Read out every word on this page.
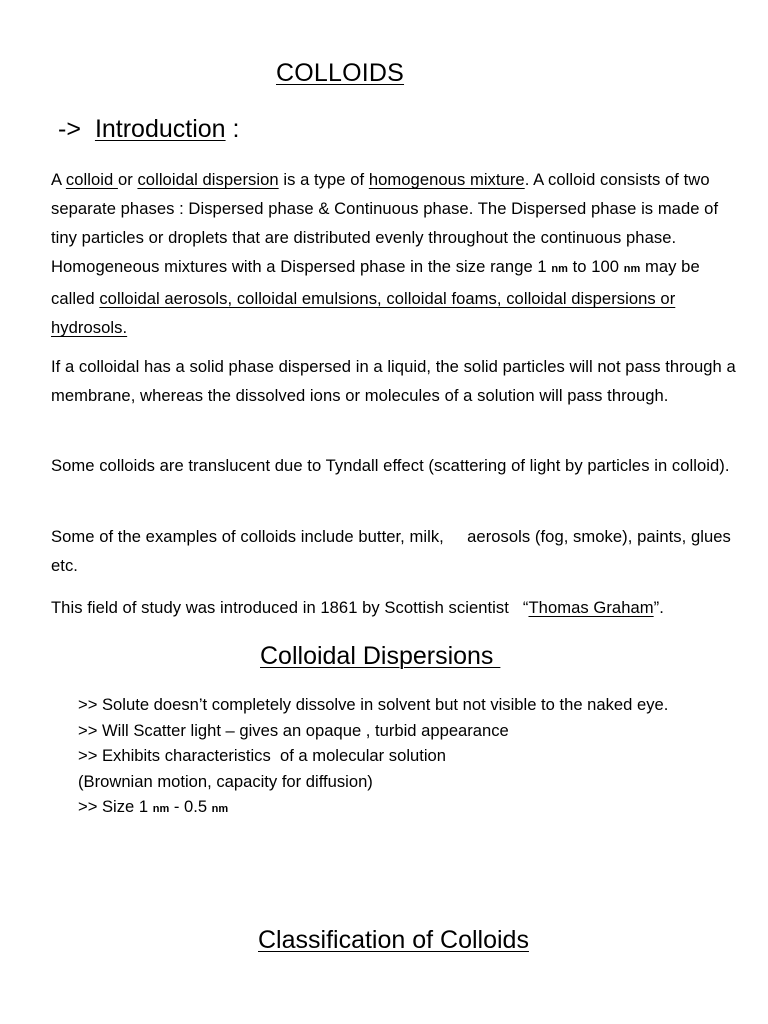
COLLOIDS
-> Introduction :
A colloid or colloidal dispersion is a type of homogenous mixture. A colloid consists of two separate phases : Dispersed phase & Continuous phase. The Dispersed phase is made of tiny particles or droplets that are distributed evenly throughout the continuous phase. Homogeneous mixtures with a Dispersed phase in the size range 1 nm to 100 nm may be called colloidal aerosols, colloidal emulsions, colloidal foams, colloidal dispersions or hydrosols.
If a colloidal has a solid phase dispersed in a liquid, the solid particles will not pass through a membrane, whereas the dissolved ions or molecules of a solution will pass through.
Some colloids are translucent due to Tyndall effect (scattering of light by particles in colloid).
Some of the examples of colloids include butter, milk,     aerosols (fog, smoke), paints, glues etc.
This field of study was introduced in 1861 by Scottish scientist   “Thomas Graham”.
Colloidal Dispersions
>> Solute doesn’t completely dissolve in solvent but not visible to the naked eye.
>> Will Scatter light – gives an opaque , turbid appearance
>> Exhibits characteristics  of a molecular solution
(Brownian motion, capacity for diffusion)
>> Size 1 nm - 0.5 nm
Classification of Colloids
